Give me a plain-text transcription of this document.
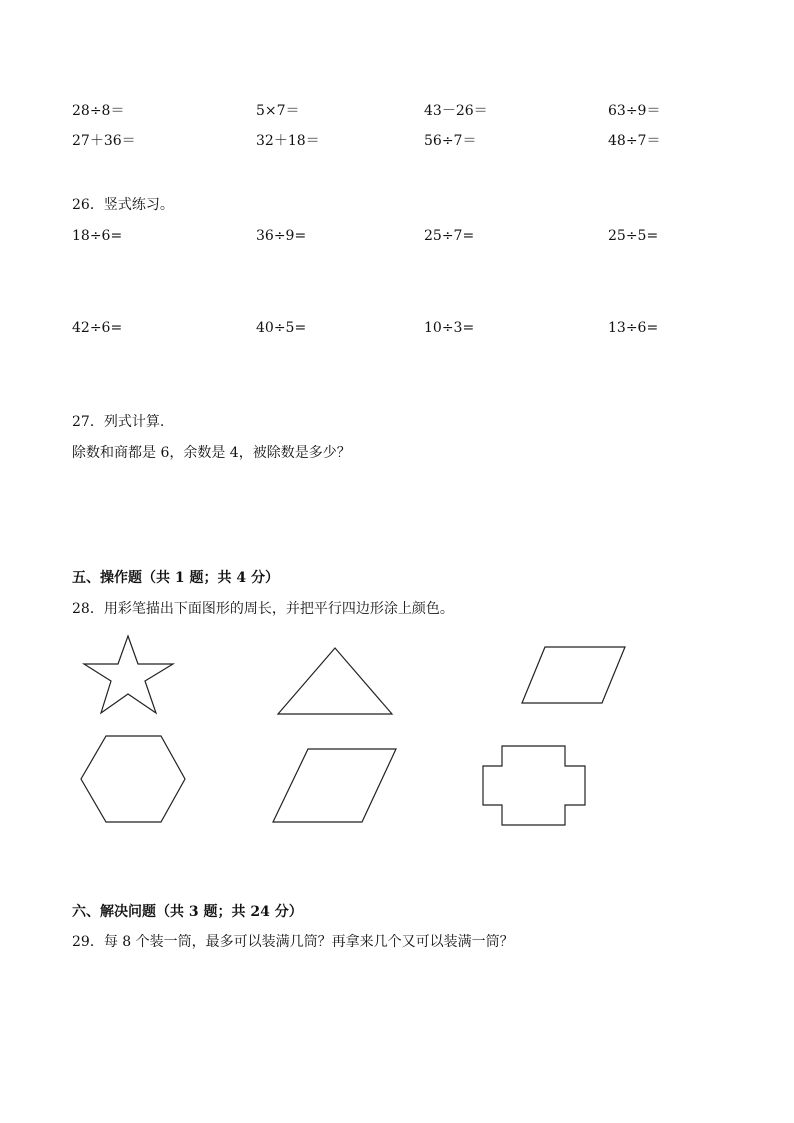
28÷8＝	5×7＝	43－26＝	63÷9＝
27＋36＝	32＋18＝	56÷7＝	48÷7＝
26．竖式练习。
18÷6=	36÷9=	25÷7=	25÷5=
42÷6=	40÷5=	10÷3=	13÷6=
27．列式计算.
除数和商都是 6，余数是 4，被除数是多少？
五、操作题（共 1 题；共 4 分）
28．用彩笔描出下面图形的周长，并把平行四边形涂上颜色。
六、解决问题（共 3 题；共 24 分）
29．每 8 个装一筒，最多可以装满几筒？再拿来几个又可以装满一筒？
